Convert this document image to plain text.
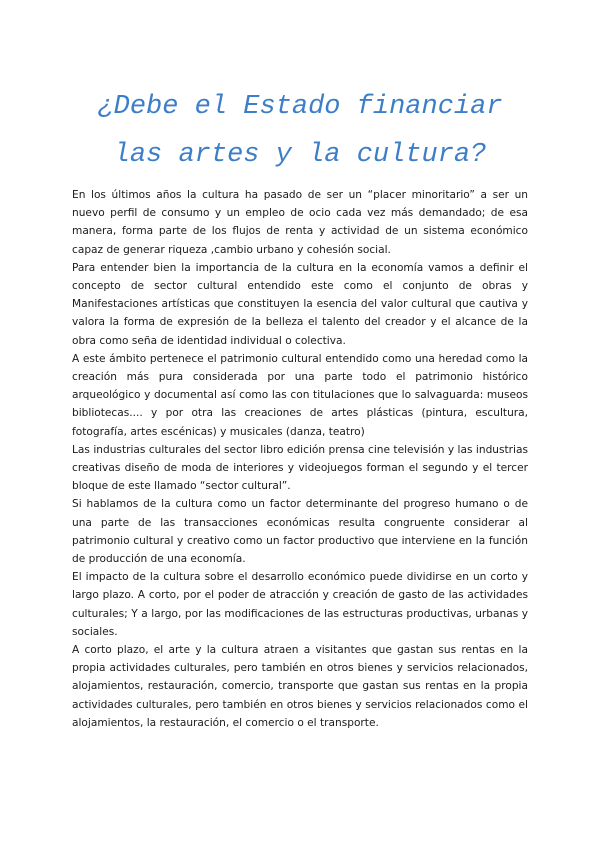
¿Debe el Estado financiar
las artes y la cultura?

En los últimos años la cultura ha pasado de ser un “placer minoritario” a ser un nuevo perfil de consumo y un empleo de ocio cada vez más demandado; de esa manera, forma parte de los flujos de renta y actividad de un sistema económico capaz de generar riqueza ,cambio urbano y cohesión social.

Para entender bien la importancia de la cultura en la economía vamos a definir el concepto de sector cultural entendido este como el conjunto de obras y Manifestaciones artísticas que constituyen la esencia del valor cultural que cautiva y valora la forma de expresión de la belleza el talento del creador y el alcance de la obra como seña de identidad individual o colectiva.

A este ámbito pertenece el patrimonio cultural entendido como una heredad como la creación más pura considerada por una parte todo el patrimonio histórico arqueológico y documental así como las con titulaciones que lo salvaguarda: museos bibliotecas.... y por otra las creaciones de artes plásticas (pintura, escultura, fotografía, artes escénicas) y musicales (danza, teatro)

Las industrias culturales del sector libro edición prensa cine televisión y las industrias creativas diseño de moda de interiores y videojuegos forman el segundo y el tercer bloque de este llamado “sector cultural”.

Si hablamos de la cultura como un factor determinante del progreso humano o de una parte de las transacciones económicas resulta congruente considerar al patrimonio cultural y creativo como un factor productivo que interviene en la función de producción de una economía.

El impacto de la cultura sobre el desarrollo económico puede dividirse en un corto y largo plazo. A corto, por el poder de atracción y creación de gasto de las actividades culturales; Y a largo, por las modificaciones de las estructuras productivas, urbanas y sociales.

A corto plazo, el arte y la cultura atraen a visitantes que gastan sus rentas en la propia actividades culturales, pero también en otros bienes y servicios relacionados, alojamientos, restauración, comercio, transporte que gastan sus rentas en la propia actividades culturales, pero también en otros bienes y servicios relacionados como el alojamientos, la restauración, el comercio o el transporte.
